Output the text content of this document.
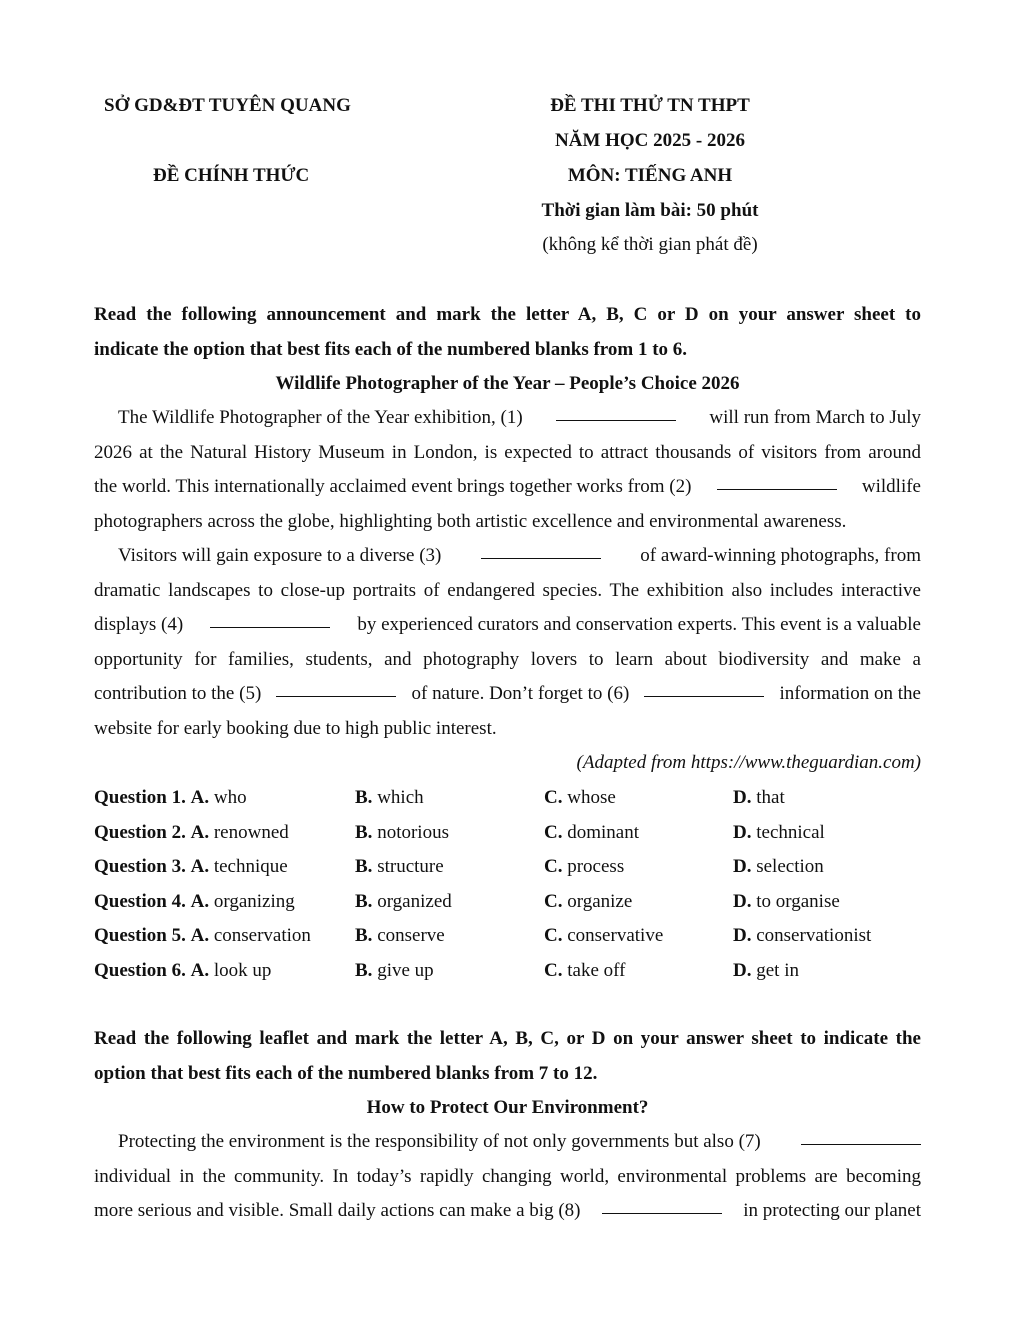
SỞ GD&ĐT TUYÊN QUANG
ĐỀ CHÍNH THỨC
ĐỀ THI THỬ TN THPT
NĂM HỌC 2025 - 2026
MÔN: TIẾNG ANH
Thời gian làm bài: 50 phút
(không kể thời gian phát đề)
Read the following announcement and mark the letter A, B, C or D on your answer sheet to
indicate the option that best fits each of the numbered blanks from 1 to 6.
Wildlife Photographer of the Year – People’s Choice 2026
The Wildlife Photographer of the Year exhibition, (1)	will run from March to July
2026 at the Natural History Museum in London, is expected to attract thousands of visitors from around
the world. This internationally acclaimed event brings together works from (2)	wildlife
photographers across the globe, highlighting both artistic excellence and environmental awareness.
Visitors will gain exposure to a diverse (3)	of award-winning photographs, from
dramatic landscapes to close-up portraits of endangered species. The exhibition also includes interactive
displays (4)	by experienced curators and conservation experts. This event is a valuable
opportunity for families, students, and photography lovers to learn about biodiversity and make a
contribution to the (5)	of nature. Don’t forget to (6)	information on the
website for early booking due to high public interest.
(Adapted from https://www.theguardian.com)
Question 1. A. who	B. which	C. whose	D. that
Question 2. A. renowned	B. notorious	C. dominant	D. technical
Question 3. A. technique	B. structure	C. process	D. selection
Question 4. A. organizing	B. organized	C. organize	D. to organise
Question 5. A. conservation B. conserve	C. conservative	D. conservationist
Question 6. A. look up	B. give up	C. take off	D. get in
Read the following leaflet and mark the letter A, B, C, or D on your answer sheet to indicate the
option that best fits each of the numbered blanks from 7 to 12.
How to Protect Our Environment?
Protecting the environment is the responsibility of not only governments but also (7)
individual in the community. In today’s rapidly changing world, environmental problems are becoming
more serious and visible. Small daily actions can make a big (8)	in protecting our planet
